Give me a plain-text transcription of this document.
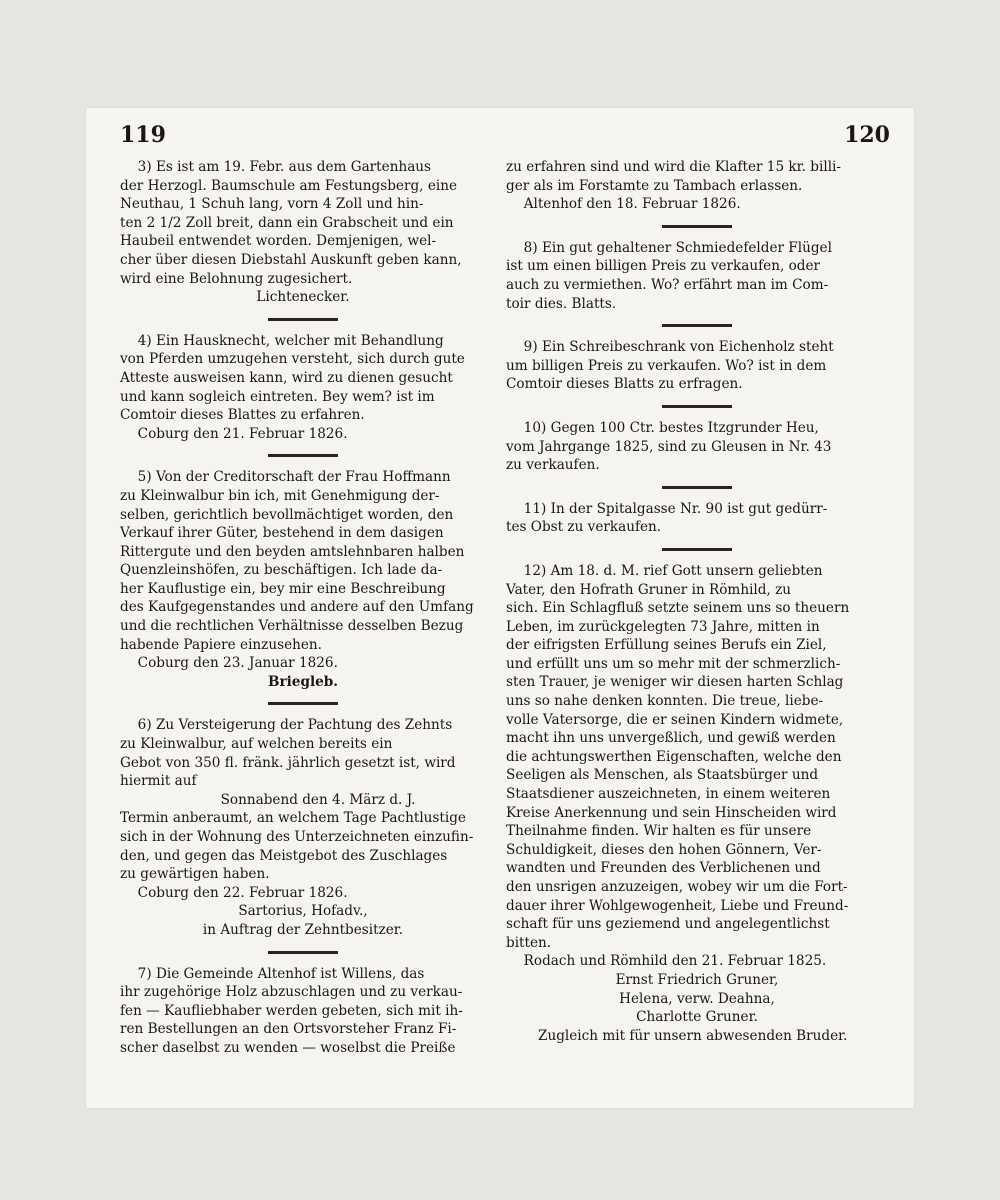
119	120

3) Es ist am 19. Febr. aus dem Gartenhaus

der Herzogl. Baumschule am Festungsberg, eine

Neuthau, 1 Schuh lang, vorn 4 Zoll und hin-

ten 2 1/2 Zoll breit, dann ein Grabscheit und ein

Haubeil entwendet worden. Demjenigen, wel-

cher über diesen Diebstahl Auskunft geben kann,

wird eine Belohnung zugesichert.

Lichtenecker.

4) Ein Hausknecht, welcher mit Behandlung

von Pferden umzugehen versteht, sich durch gute

Atteste ausweisen kann, wird zu dienen gesucht

und kann sogleich eintreten. Bey wem? ist im

Comtoir dieses Blattes zu erfahren.

Coburg den 21. Februar 1826.

5) Von der Creditorschaft der Frau Hoffmann

zu Kleinwalbur bin ich, mit Genehmigung der-

selben, gerichtlich bevollmächtiget worden, den

Verkauf ihrer Güter, bestehend in dem dasigen

Rittergute und den beyden amtslehnbaren halben

Quenzleinshöfen, zu beschäftigen. Ich lade da-

her Kauflustige ein, bey mir eine Beschreibung

des Kaufgegenstandes und andere auf den Umfang

und die rechtlichen Verhältnisse desselben Bezug

habende Papiere einzusehen.

Coburg den 23. Januar 1826.

Briegleb.

6) Zu Versteigerung der Pachtung des Zehnts

zu Kleinwalbur, auf welchen bereits ein

Gebot von 350 fl. fränk. jährlich gesetzt ist, wird

hiermit auf

Sonnabend den 4. März d. J.

Termin anberaumt, an welchem Tage Pachtlustige

sich in der Wohnung des Unterzeichneten einzufin-

den, und gegen das Meistgebot des Zuschlages

zu gewärtigen haben.

Coburg den 22. Februar 1826.

Sartorius, Hofadv.,

in Auftrag der Zehntbesitzer.

7) Die Gemeinde Altenhof ist Willens, das

ihr zugehörige Holz abzuschlagen und zu verkau-

fen — Kaufliebhaber werden gebeten, sich mit ih-

ren Bestellungen an den Ortsvorsteher Franz Fi-

scher daselbst zu wenden — woselbst die Preiße

zu erfahren sind und wird die Klafter 15 kr. billi-

ger als im Forstamte zu Tambach erlassen.

Altenhof den 18. Februar 1826.

8) Ein gut gehaltener Schmiedefelder Flügel

ist um einen billigen Preis zu verkaufen, oder

auch zu vermiethen. Wo? erfährt man im Com-

toir dies. Blatts.

9) Ein Schreibeschrank von Eichenholz steht

um billigen Preis zu verkaufen. Wo? ist in dem

Comtoir dieses Blatts zu erfragen.

10) Gegen 100 Ctr. bestes Itzgrunder Heu,

vom Jahrgange 1825, sind zu Gleusen in Nr. 43

zu verkaufen.

11) In der Spitalgasse Nr. 90 ist gut gedürr-

tes Obst zu verkaufen.

12) Am 18. d. M. rief Gott unsern geliebten

Vater, den Hofrath Gruner in Römhild, zu

sich. Ein Schlagfluß setzte seinem uns so theuern

Leben, im zurückgelegten 73 Jahre, mitten in

der eifrigsten Erfüllung seines Berufs ein Ziel,

und erfüllt uns um so mehr mit der schmerzlich-

sten Trauer, je weniger wir diesen harten Schlag

uns so nahe denken konnten. Die treue, liebe-

volle Vatersorge, die er seinen Kindern widmete,

macht ihn uns unvergeßlich, und gewiß werden

die achtungswerthen Eigenschaften, welche den

Seeligen als Menschen, als Staatsbürger und

Staatsdiener auszeichneten, in einem weiteren

Kreise Anerkennung und sein Hinscheiden wird

Theilnahme finden. Wir halten es für unsere

Schuldigkeit, dieses den hohen Gönnern, Ver-

wandten und Freunden des Verblichenen und

den unsrigen anzuzeigen, wobey wir um die Fort-

dauer ihrer Wohlgewogenheit, Liebe und Freund-

schaft für uns geziemend und angelegentlichst

bitten.

Rodach und Römhild den 21. Februar 1825.

Ernst Friedrich Gruner,

Helena, verw. Deahna,

Charlotte Gruner.

Zugleich mit für unsern abwesenden Bruder.
